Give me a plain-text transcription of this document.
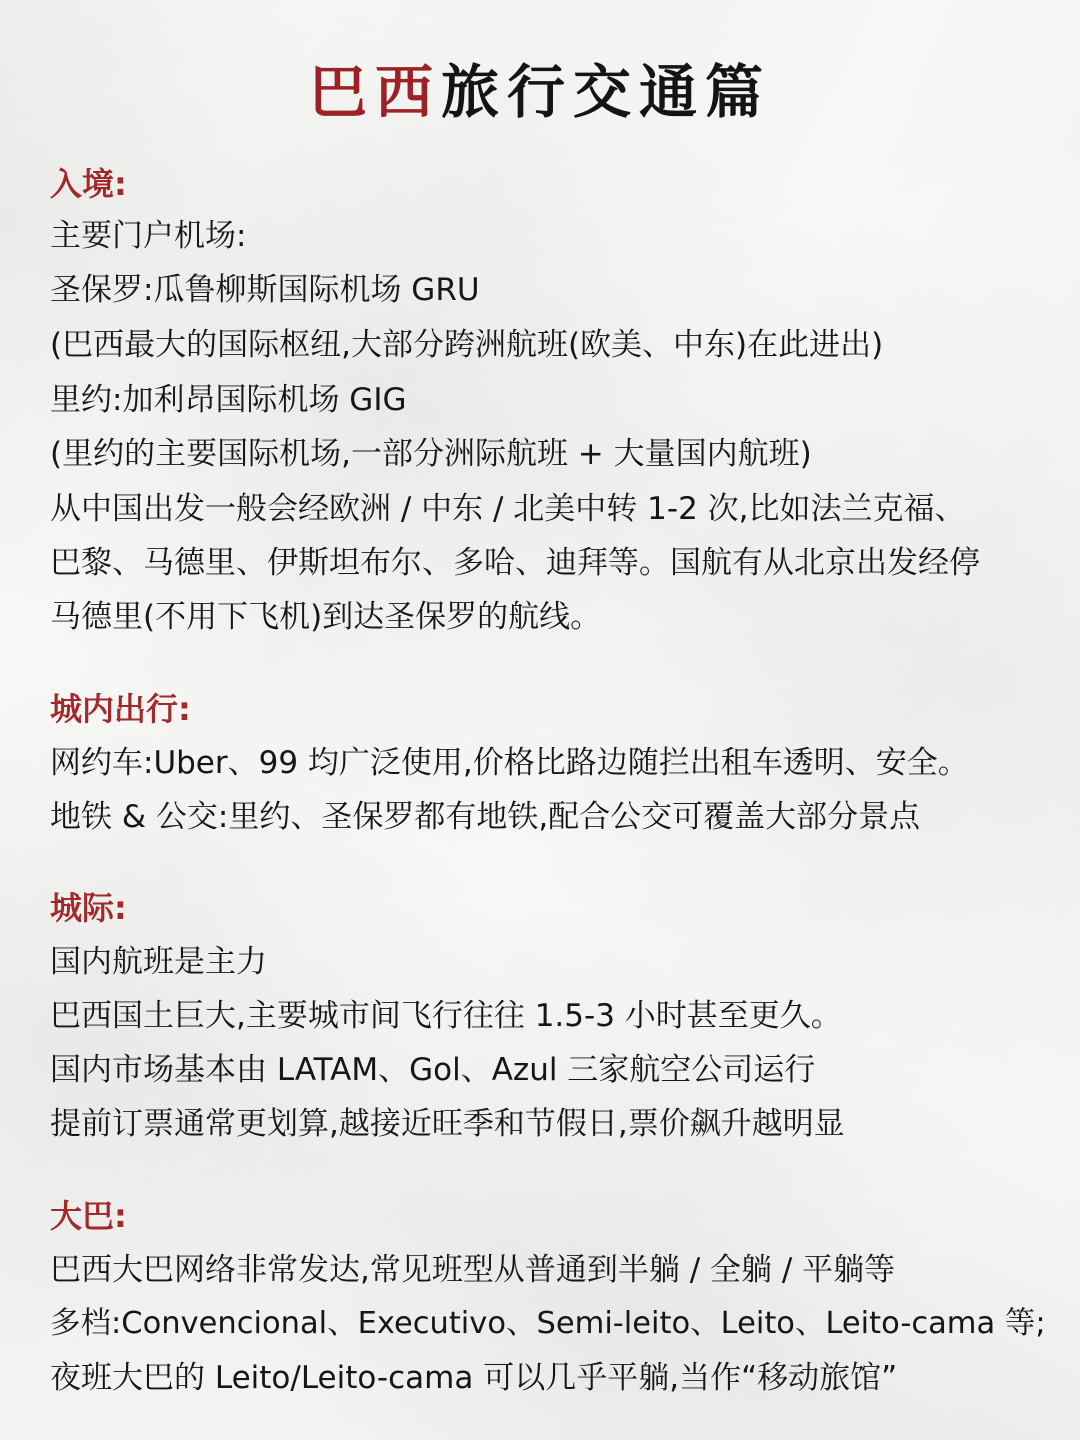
巴西旅行交通篇

入境:

主要门户机场:

圣保罗:瓜鲁柳斯国际机场 GRU

(巴西最大的国际枢纽,大部分跨洲航班(欧美、中东)在此进出)

里约:加利昂国际机场 GIG

(里约的主要国际机场,一部分洲际航班 + 大量国内航班)

从中国出发一般会经欧洲 / 中东 / 北美中转 1-2 次,比如法兰克福、

巴黎、马德里、伊斯坦布尔、多哈、迪拜等。国航有从北京出发经停

马德里(不用下飞机)到达圣保罗的航线。

城内出行:

网约车:Uber、99 均广泛使用,价格比路边随拦出租车透明、安全。

地铁 & 公交:里约、圣保罗都有地铁,配合公交可覆盖大部分景点

城际:

国内航班是主力

巴西国土巨大,主要城市间飞行往往 1.5-3 小时甚至更久。

国内市场基本由 LATAM、Gol、Azul 三家航空公司运行

提前订票通常更划算,越接近旺季和节假日,票价飙升越明显

大巴:

巴西大巴网络非常发达,常见班型从普通到半躺 / 全躺 / 平躺等

多档:Convencional、Executivo、Semi-leito、Leito、Leito-cama 等;

夜班大巴的 Leito/Leito-cama 可以几乎平躺,当作“移动旅馆”
